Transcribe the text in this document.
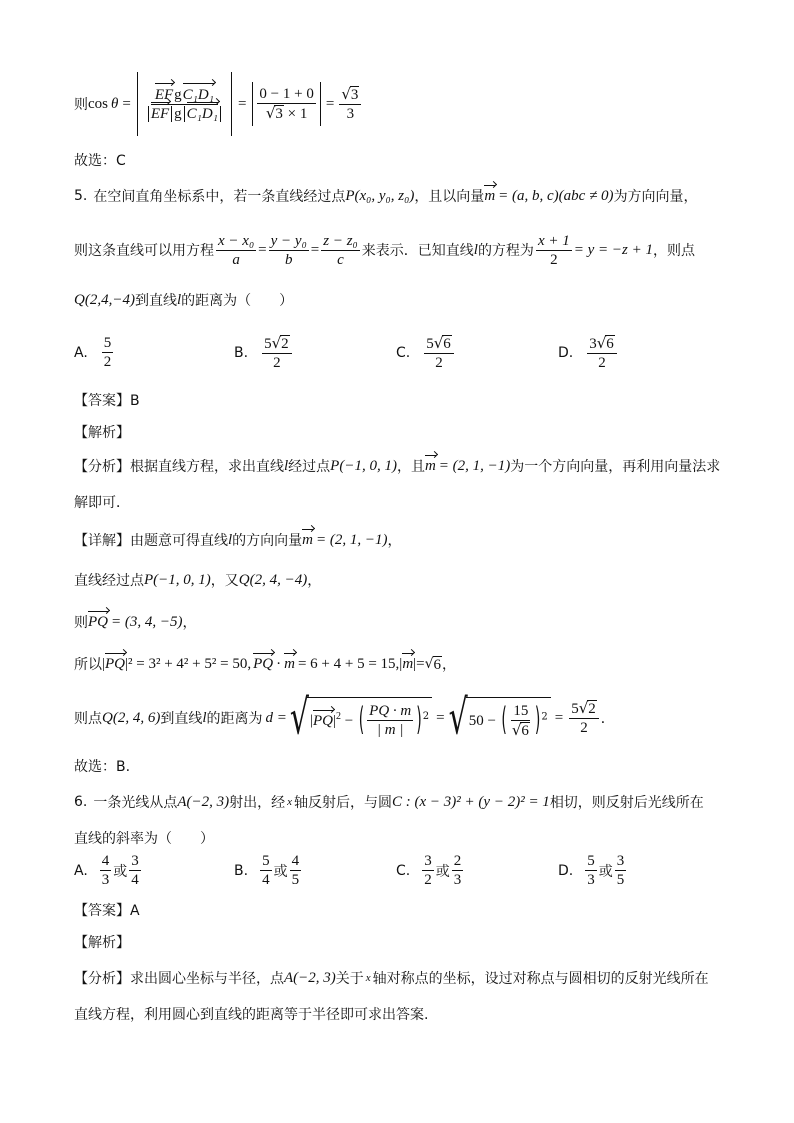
则 $\cos \theta = \frac{\text{EFgC₁D₁}}{\text{EF g C₁D₁}} = \frac{0 - 1 + 0}{√3 \times 1} = \frac{√3}{3}$
故选：C
5. 在空间直角坐标系中，若一条直线经过点 P(x₀, y₀, z₀) ，且以向量 m = (a, b, c)(abc ≠ 0) 为方向向量，
则这条直线可以用方程 $\frac{\text{x − x₀}}{a} = \frac{\text{y − y₀}}{b} = \frac{\text{z − z₀}}{c}$ 来表示．已知直线 l 的方程为 $\frac{x + 1}{2} = y = -z + 1$ ，则点
Q(2,4,−4) 到直线 l 的距离为（　　）
A. $\frac{5}{2}$	B. $\frac{5√2}{2}$	C. $\frac{5√6}{2}$	D. $\frac{3√6}{2}$
【答案】B
【解析】
【分析】 根据直线方程，求出直线 l 经过点 P(−1, 0, 1) ，且 m = (2, 1, −1) 为一个方向向量，再利用向量法求
解即可．
【详解】 由题意可得直线 l 的方向向量 m = (2, 1, −1) ，
直线经过点 P(−1, 0, 1) ，又 Q(2, 4, −4) ，
则 PQ = (3, 4, −5) ，
所以 | PQ |² = 3² + 4² + 5² = 50, PQ · m = 6 + 4 + 5 = 15, | m |= √ 6 ，
则点 Q(2, 4, 6) 到直线 l 的距离为 d = √ $|PQ|^2$ − ( $\frac{PQ \cdot m}{| m |} )^2$ = √ 50 − ( $\frac{15}{√6} )^2 = \frac{5√2}{2}$ ．
故选：B.
6. 一条光线从点 A(−2, 3) 射出，经 x 轴反射后，与圆 C : (x − 3)² + (y − 2)² = 1 相切，则反射后光线所在
直线的斜率为（　　）
A. $\frac{4}{3}$ 或 $\frac{3}{4}$	B. $\frac{5}{4}$ 或 $\frac{4}{5}$	C. $\frac{3}{2}$ 或 $\frac{2}{3}$	D. $\frac{5}{3}$ 或 $\frac{3}{5}$
【答案】A
【解析】
【分析】 求出圆心坐标与半径，点 A(−2, 3) 关于 x 轴对称点的坐标，设过对称点与圆相切的反射光线所在
直线方程，利用圆心到直线的距离等于半径即可求出答案.
